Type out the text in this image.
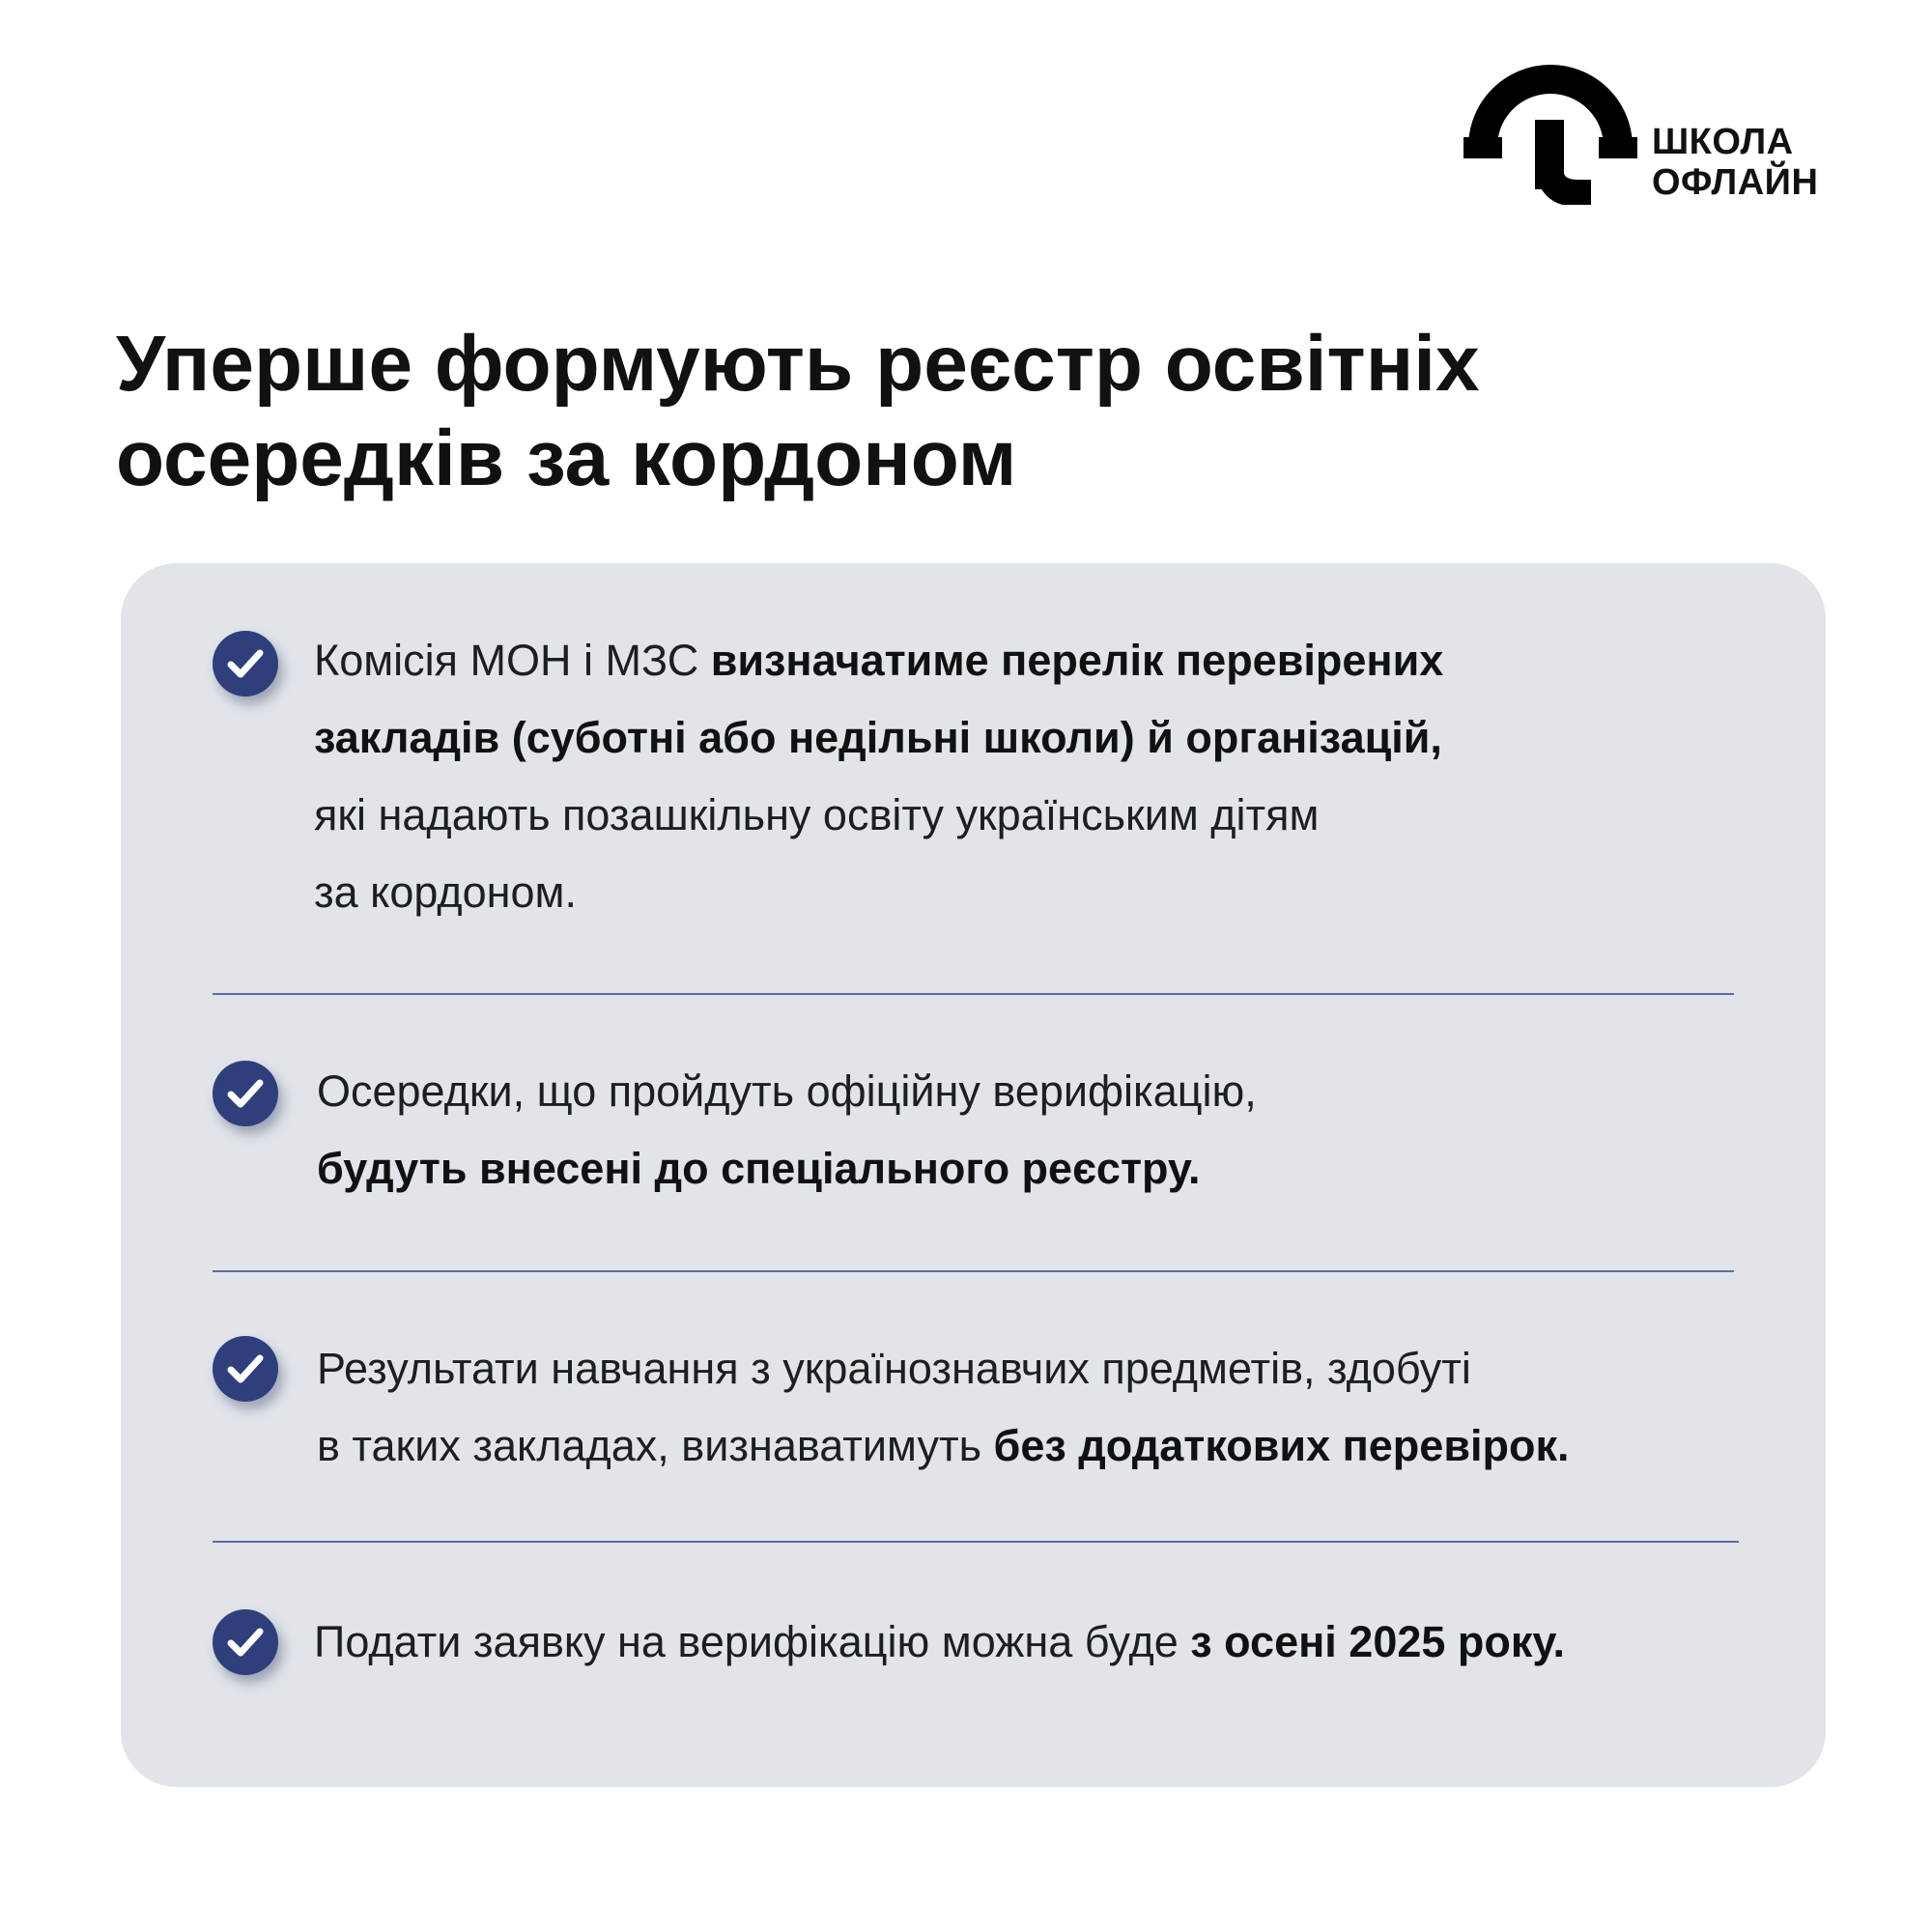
ШКОЛА
ОФЛАЙН
Уперше формують реєстр освітніх
осередків за кордоном

Комісія МОН і МЗС визначатиме перелік перевірених
закладів (суботні або недільні школи) й організацій,
які надають позашкільну освіту українським дітям
за кордоном.

Осередки, що пройдуть офіційну верифікацію,
будуть внесені до спеціального реєстру.

Результати навчання з українознавчих предметів, здобуті
в таких закладах, визнаватимуть без додаткових перевірок.

Подати заявку на верифікацію можна буде з осені 2025 року.
